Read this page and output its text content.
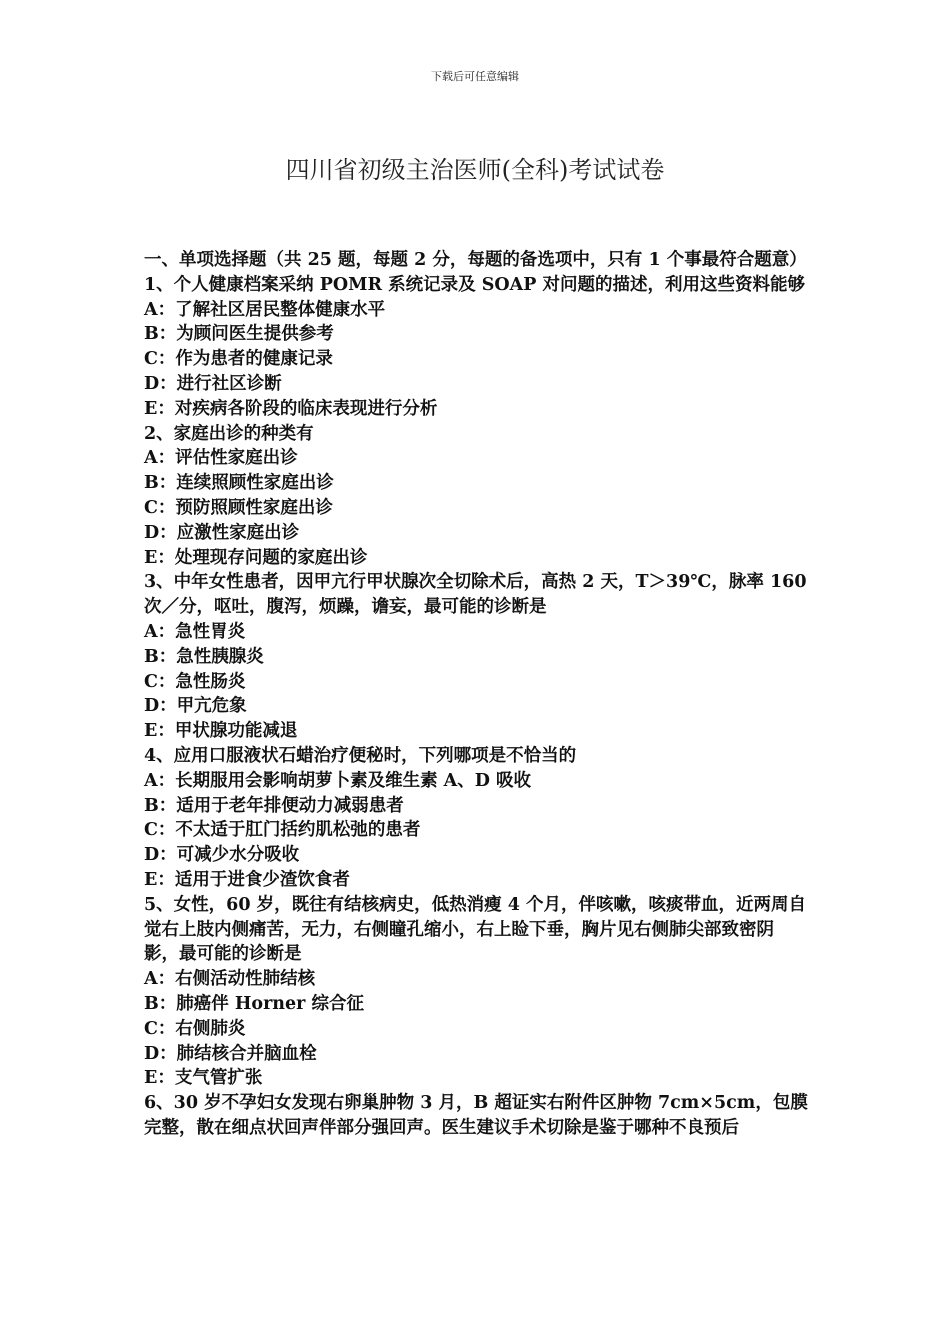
下载后可任意编辑
四川省初级主治医师(全科)考试试卷

一、单项选择题（共 25 题，每题 2 分，每题的备选项中，只有 1 个事最符合题意）

1、个人健康档案采纳 POMR 系统记录及 SOAP 对问题的描述，利用这些资料能够

A：了解社区居民整体健康水平

B：为顾问医生提供参考

C：作为患者的健康记录

D：进行社区诊断

E：对疾病各阶段的临床表现进行分析

2、家庭出诊的种类有

A：评估性家庭出诊

B：连续照顾性家庭出诊

C：预防照顾性家庭出诊

D：应激性家庭出诊

E：处理现存问题的家庭出诊

3、中年女性患者，因甲亢行甲状腺次全切除术后，高热 2 天，T＞39℃，脉率 160 次／分，呕吐，腹泻，烦躁，谵妄，最可能的诊断是

A：急性胃炎

B：急性胰腺炎

C：急性肠炎

D：甲亢危象

E：甲状腺功能减退

4、应用口服液状石蜡治疗便秘时，下列哪项是不恰当的

A：长期服用会影响胡萝卜素及维生素 A、D 吸收

B：适用于老年排便动力减弱患者

C：不太适于肛门括约肌松弛的患者

D：可减少水分吸收

E：适用于进食少渣饮食者

5、女性，60 岁，既往有结核病史，低热消瘦 4 个月，伴咳嗽，咳痰带血，近两周自觉右上肢内侧痛苦，无力，右侧瞳孔缩小，右上睑下垂，胸片见右侧肺尖部致密阴影，最可能的诊断是

A：右侧活动性肺结核

B：肺癌伴 Horner 综合征

C：右侧肺炎

D：肺结核合并脑血栓

E：支气管扩张

6、30 岁不孕妇女发现右卵巢肿物 3 月，B 超证实右附件区肿物 7cm×5cm，包膜完整，散在细点状回声伴部分强回声。医生建议手术切除是鉴于哪种不良预后
